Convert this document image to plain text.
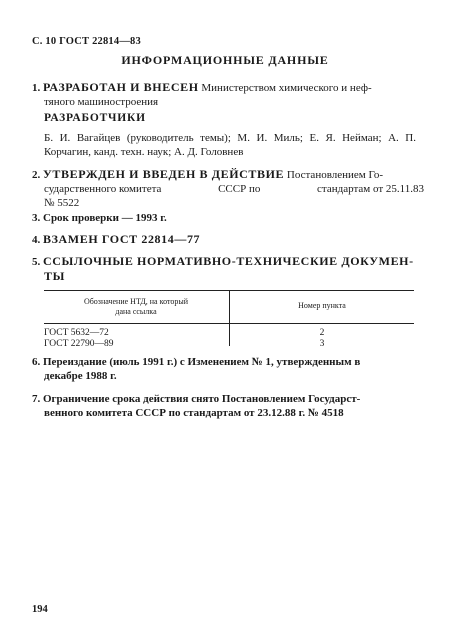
С. 10 ГОСТ 22814—83
ИНФОРМАЦИОННЫЕ ДАННЫЕ
1. РАЗРАБОТАН И ВНЕСЕН Министерством химического и неф-
тяного машиностроения
РАЗРАБОТЧИКИ
Б. И. Вагайцев (руководитель темы); М. И. Миль; Е. Я. Нейман; А. П. Корчагин, канд. техн. наук; А. Д. Головнев
2. УТВЕРЖДЕН И ВВЕДЕН В ДЕЙСТВИЕ Постановлением Го-
сударственного комитета	СССР по	стандартам от 25.11.83
№ 5522
3. Срок проверки — 1993 г.
4. ВЗАМЕН ГОСТ 22814—77
5. ССЫЛОЧНЫЕ НОРМАТИВНО-ТЕХНИЧЕСКИЕ ДОКУМЕН-
ТЫ
Обозначение НТД, на который
дана ссылка
Номер пункта
ГОСТ 5632—72
ГОСТ 22790—89
2
3
6. Переиздание (июль 1991 г.) с Изменением № 1, утвержденным в
декабре 1988 г.
7. Ограничение срока действия снято Постановлением Государст-
венного комитета СССР по стандартам от 23.12.88 г. № 4518
194
